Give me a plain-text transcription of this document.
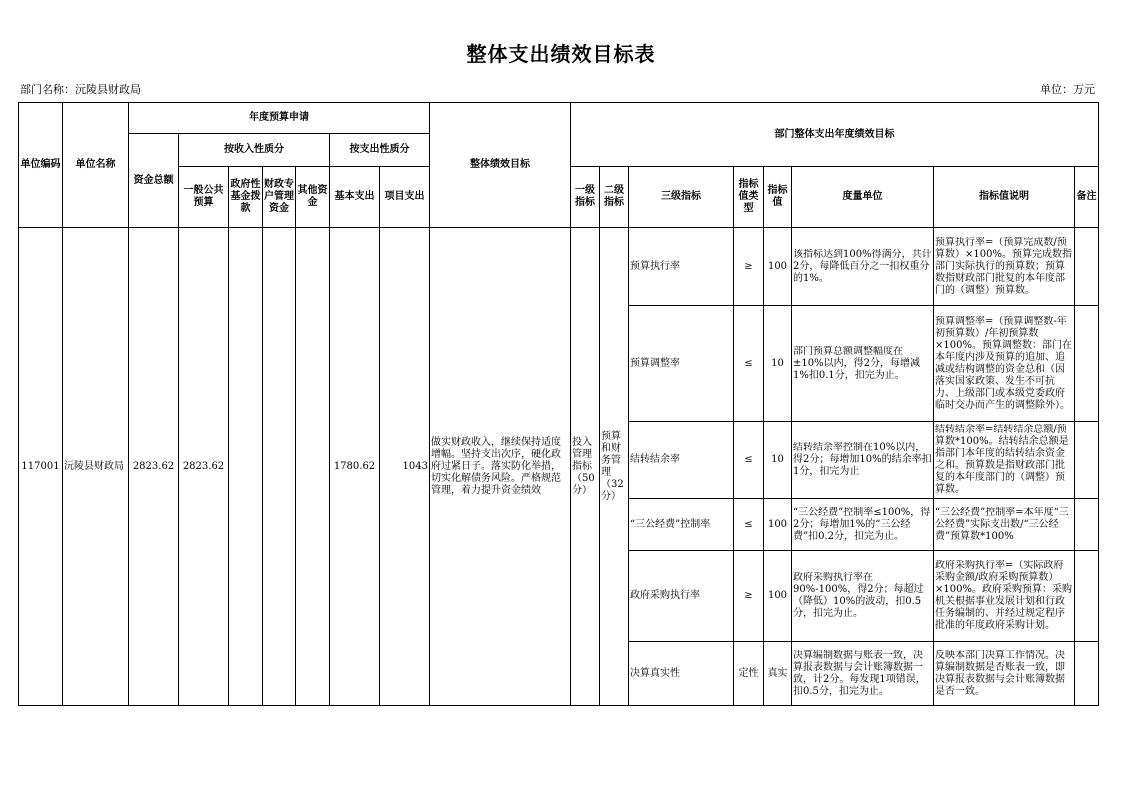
整体支出绩效目标表
部门名称：沅陵县财政局	单位：万元
单位编码	单位名称	年度预算申请							整体绩效目标	部门整体支出年度绩效目标							
		资金总额	按收入性质分				按支出性质分										
			一般公共预算	政府性基金拨款	财政专户管理资金	其他资金	基本支出	项目支出		一级指标	二级指标	三级指标	指标值类型	指标值	度量单位	指标值说明	备注
117001	沅陵县财政局	2823.62	2823.62				1780.62	1043	做实财政收入，继续保持适度增幅。坚持支出次序，硬化政府过紧日子。落实防化举措，切实化解债务风险。严格规范管理，着力提升资金绩效	投入管理指标（50分）	预算和财务管理（32分）	预算执行率	≥	100	该指标达到100%得满分，共计2分，每降低百分之一扣权重分的1%。	预算执行率=（预算完成数/预算数）×100%。预算完成数指部门实际执行的预算数；预算数指财政部门批复的本年度部门的（调整）预算数。	

												预算调整率	≤	10	部门预算总额调整幅度在±10%以内，得2分，每增减1%扣0.1分，扣完为止。	预算调整率=（预算调整数-年初预算数）/年初预算数×100%。预算调整数：部门在本年度内涉及预算的追加、追减或结构调整的资金总和（因落实国家政策、发生不可抗力、上级部门或本级党委政府临时交办而产生的调整除外）。	

												结转结余率	≤	10	结转结余率控制在10%以内，得2分；每增加10%的结余率扣1分，扣完为止	结转结余率=结转结余总额/预算数*100%。结转结余总额是指部门本年度的结转结余资金之和。预算数是指财政部门批复的本年度部门的（调整）预算数。	

												“三公经费”控制率	≤	100	“三公经费”控制率≤100%，得2分；每增加1%的“三公经费”扣0.2分，扣完为止。	“三公经费”控制率=本年度“三公经费”实际支出数/“三公经费”预算数*100%	

												政府采购执行率	≥	100	政府采购执行率在90%-100%，得2分；每超过（降低）10%的波动，扣0.5分，扣完为止。	政府采购执行率=（实际政府采购金额/政府采购预算数）×100%。政府采购预算：采购机关根据事业发展计划和行政任务编制的、并经过规定程序批准的年度政府采购计划。	

												决算真实性	定性	真实	决算编制数据与账表一致，决算报表数据与会计账簿数据一致，计2分。每发现1项错误，扣0.5分，扣完为止。	反映本部门决算工作情况。决算编制数据是否账表一致，即决算报表数据与会计账簿数据是否一致。	
